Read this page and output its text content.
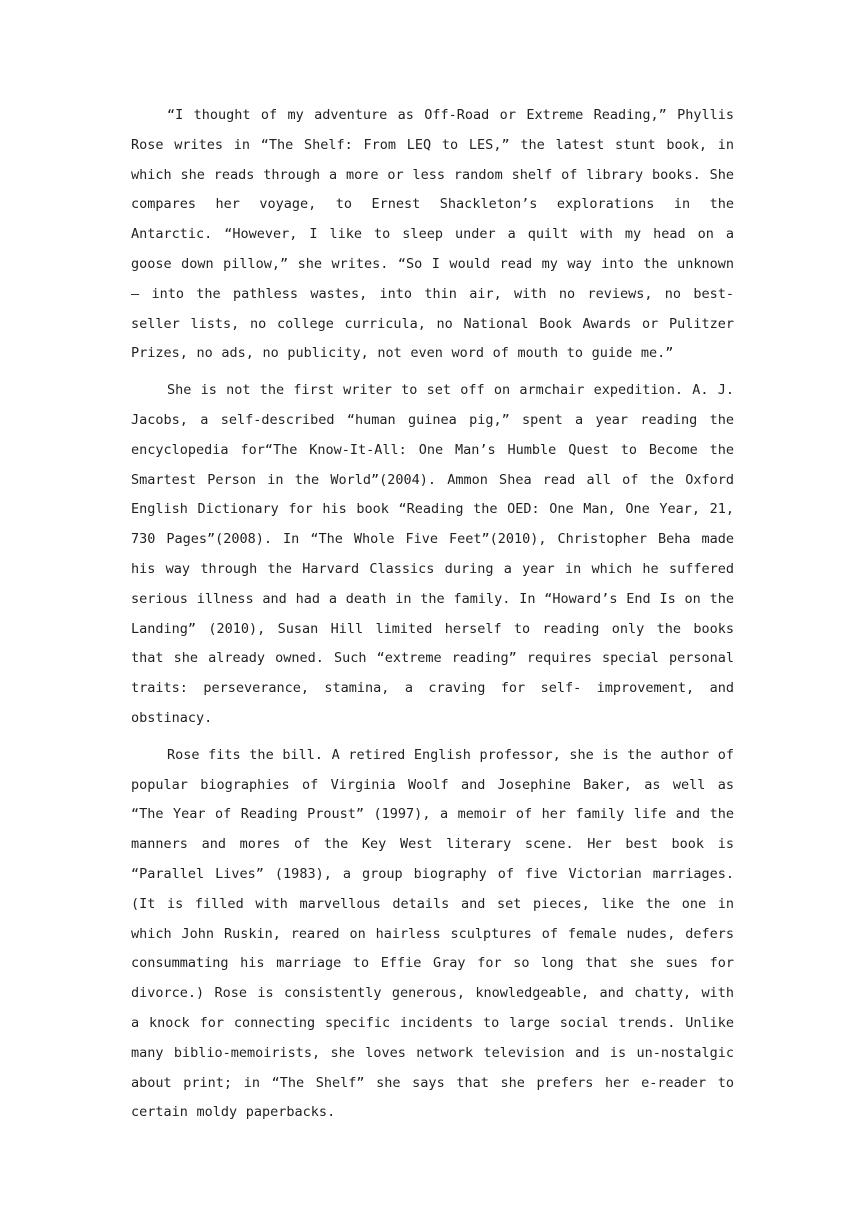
“I thought of my adventure as Off-Road or Extreme Reading,” Phyllis Rose writes in “The Shelf: From LEQ to LES,” the latest stunt book, in which she reads through a more or less random shelf of library books. She compares her voyage, to Ernest Shackleton’s explorations in the Antarctic. “However, I like to sleep under a quilt with my head on a goose down pillow,” she writes. “So I would read my way into the unknown — into the pathless wastes, into thin air, with no reviews, no best-seller lists, no college curricula, no National Book Awards or Pulitzer Prizes, no ads, no publicity, not even word of mouth to guide me.”

She is not the first writer to set off on armchair expedition. A. J. Jacobs, a self-described “human guinea pig,” spent a year reading the encyclopedia for“The Know-It-All: One Man’s Humble Quest to Become the Smartest Person in the World”(2004). Ammon Shea read all of the Oxford English Dictionary for his book “Reading the OED: One Man, One Year, 21, 730 Pages”(2008). In “The Whole Five Feet”(2010), Christopher Beha made his way through the Harvard Classics during a year in which he suffered serious illness and had a death in the family. In “Howard’s End Is on the Landing” (2010), Susan Hill limited herself to reading only the books that she already owned. Such “extreme reading” requires special personal traits: perseverance, stamina, a craving for self- improvement, and obstinacy.

Rose fits the bill. A retired English professor, she is the author of popular biographies of Virginia Woolf and Josephine Baker, as well as “The Year of Reading Proust” (1997), a memoir of her family life and the manners and mores of the Key West literary scene. Her best book is “Parallel Lives” (1983), a group biography of five Victorian marriages. (It is filled with marvellous details and set pieces, like the one in which John Ruskin, reared on hairless sculptures of female nudes, defers consummating his marriage to Effie Gray for so long that she sues for divorce.) Rose is consistently generous, knowledgeable, and chatty, with a knock for connecting specific incidents to large social trends. Unlike many biblio-memoirists, she loves network television and is un-nostalgic about print; in “The Shelf” she says that she prefers her e-reader to certain moldy paperbacks.
